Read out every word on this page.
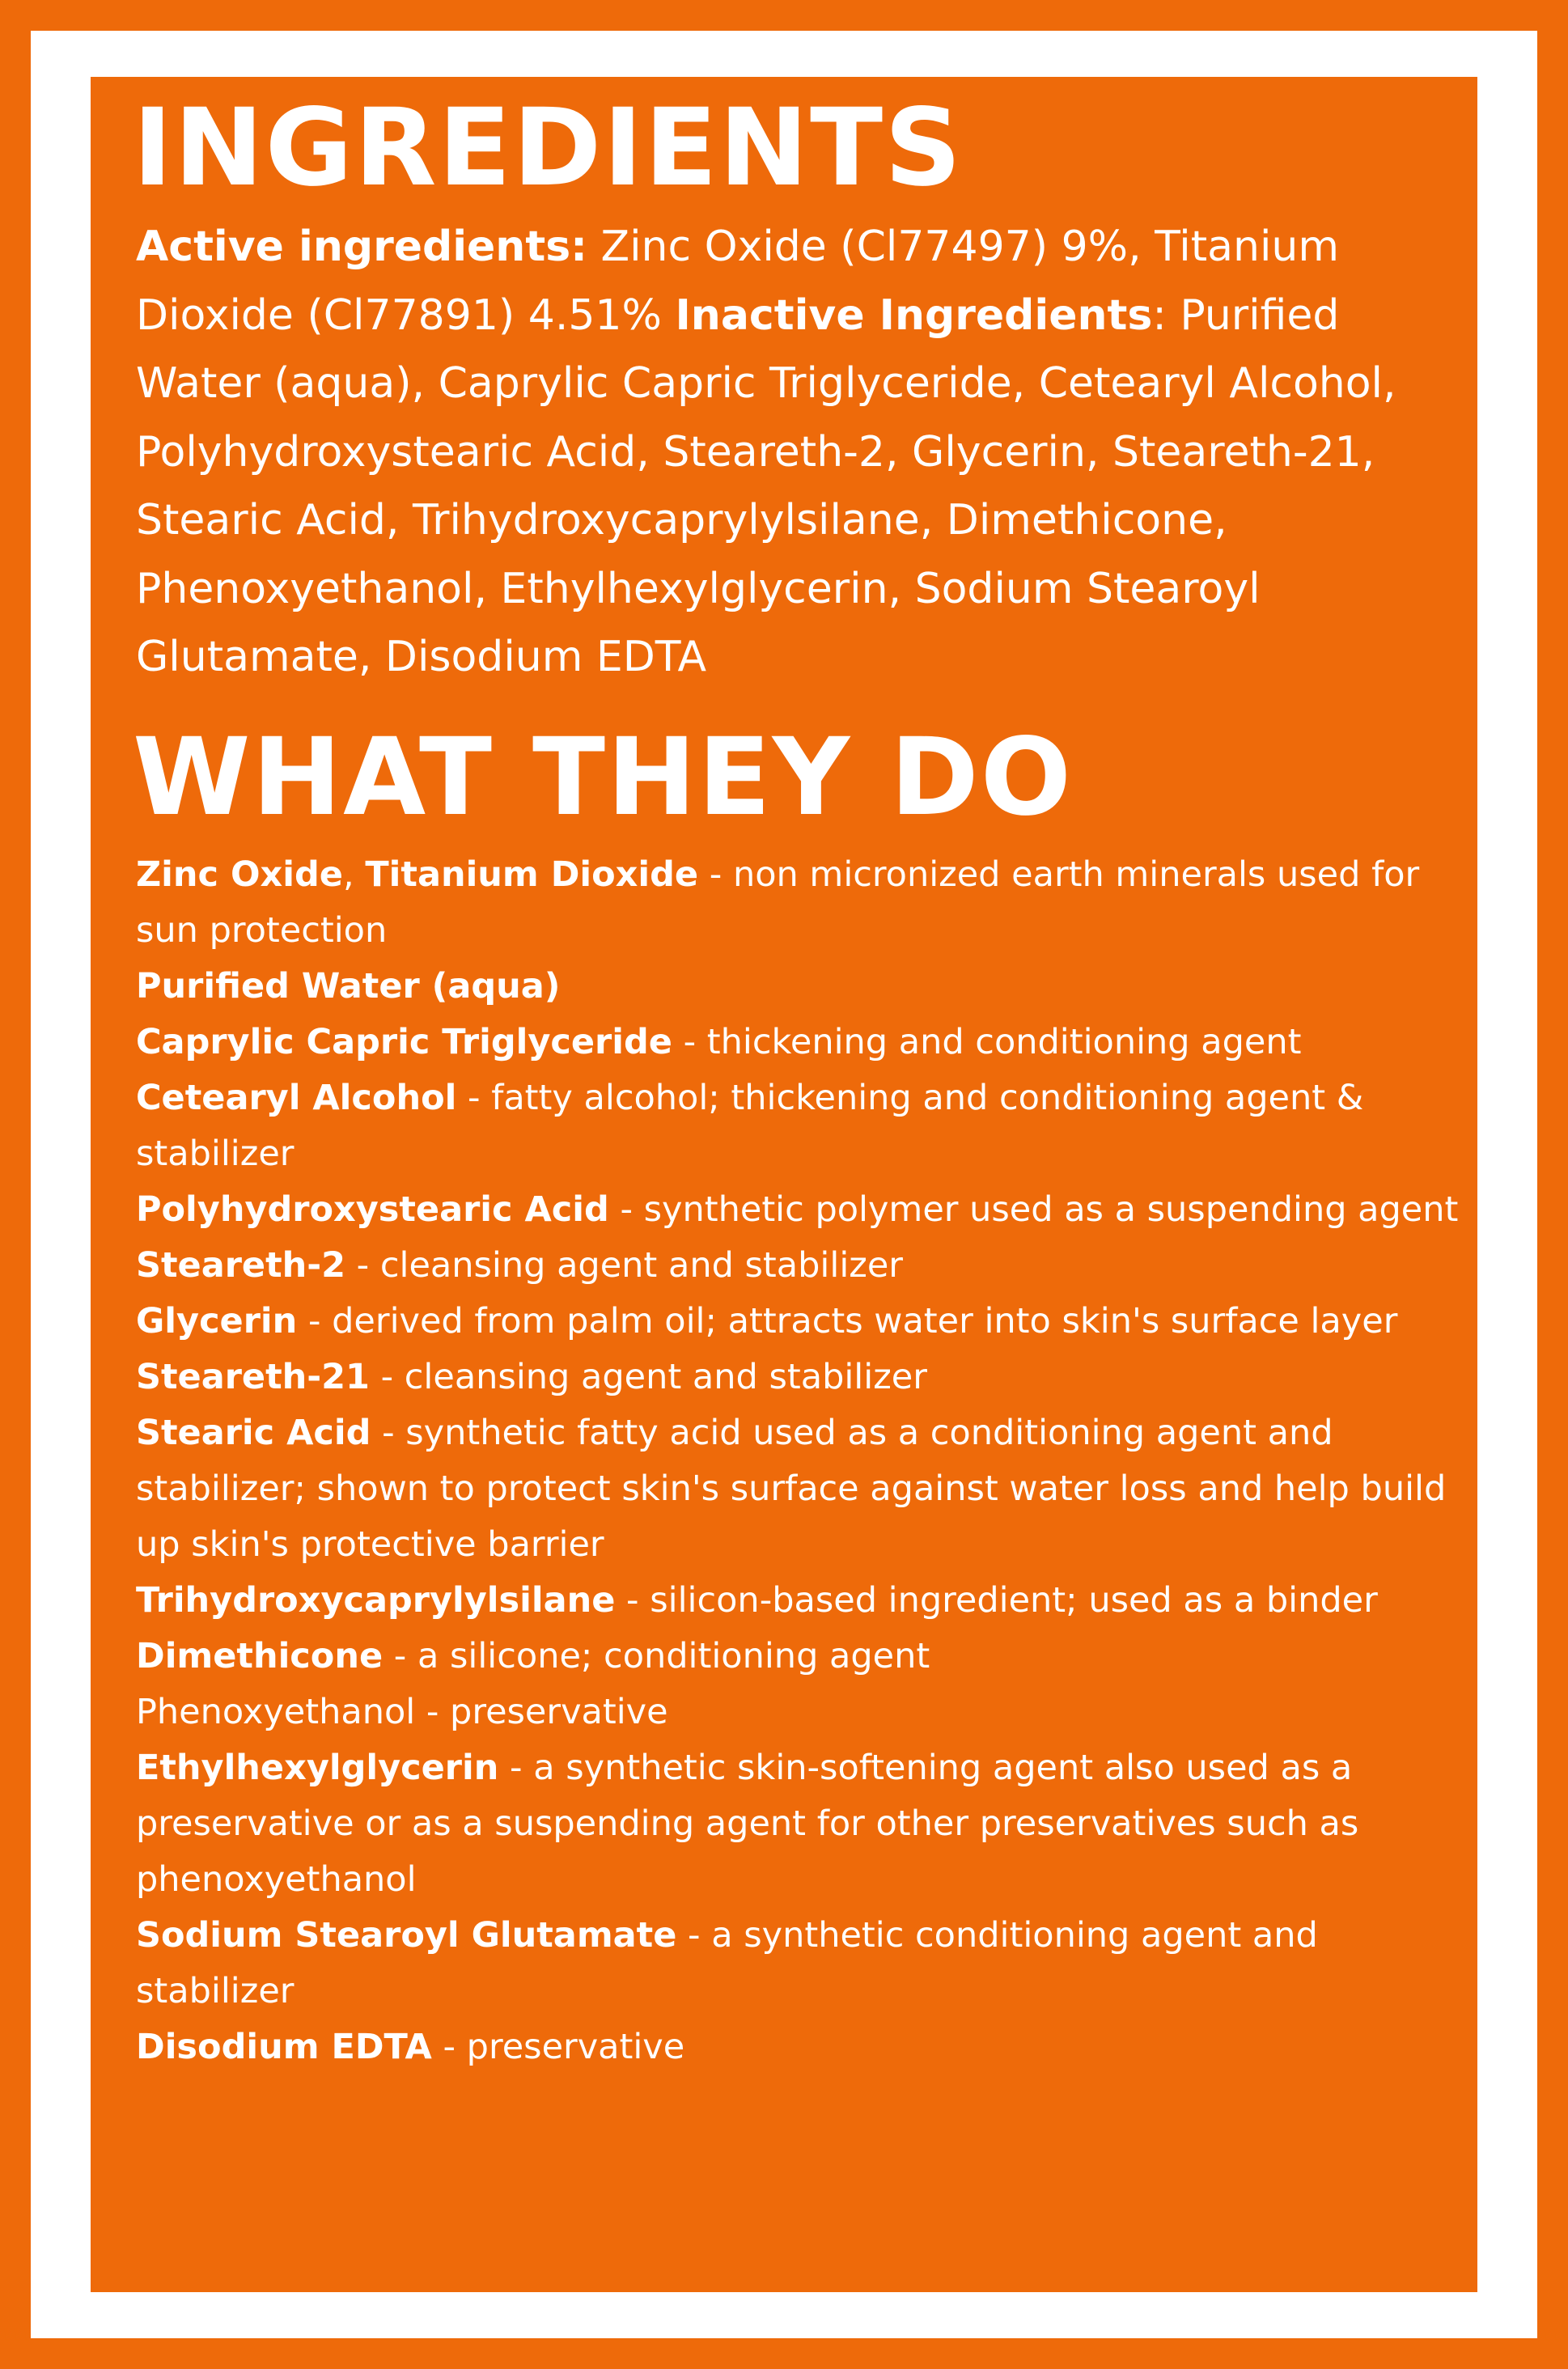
INGREDIENTS

Active ingredients: Zinc Oxide (Cl77497) 9%, Titanium Dioxide (Cl77891) 4.51% Inactive Ingredients: Purified Water (aqua), Caprylic Capric Triglyceride, Cetearyl Alcohol, Polyhydroxystearic Acid, Steareth-2, Glycerin, Steareth-21, Stearic Acid, Trihydroxycaprylylsilane, Dimethicone, Phenoxyethanol, Ethylhexylglycerin, Sodium Stearoyl Glutamate, Disodium EDTA

WHAT THEY DO
Zinc Oxide, Titanium Dioxide - non micronized earth minerals used for sun protection
Purified Water (aqua)
Caprylic Capric Triglyceride - thickening and conditioning agent
Cetearyl Alcohol - fatty alcohol; thickening and conditioning agent & stabilizer
Polyhydroxystearic Acid - synthetic polymer used as a suspending agent
Steareth-2 - cleansing agent and stabilizer
Glycerin - derived from palm oil; attracts water into skin's surface layer
Steareth-21 - cleansing agent and stabilizer
Stearic Acid - synthetic fatty acid used as a conditioning agent and stabilizer; shown to protect skin's surface against water loss and help build up skin's protective barrier
Trihydroxycaprylylsilane - silicon-based ingredient; used as a binder
Dimethicone - a silicone; conditioning agent
Phenoxyethanol - preservative
Ethylhexylglycerin - a synthetic skin-softening agent also used as a preservative or as a suspending agent for other preservatives such as phenoxyethanol
Sodium Stearoyl Glutamate - a synthetic conditioning agent and stabilizer
Disodium EDTA - preservative
